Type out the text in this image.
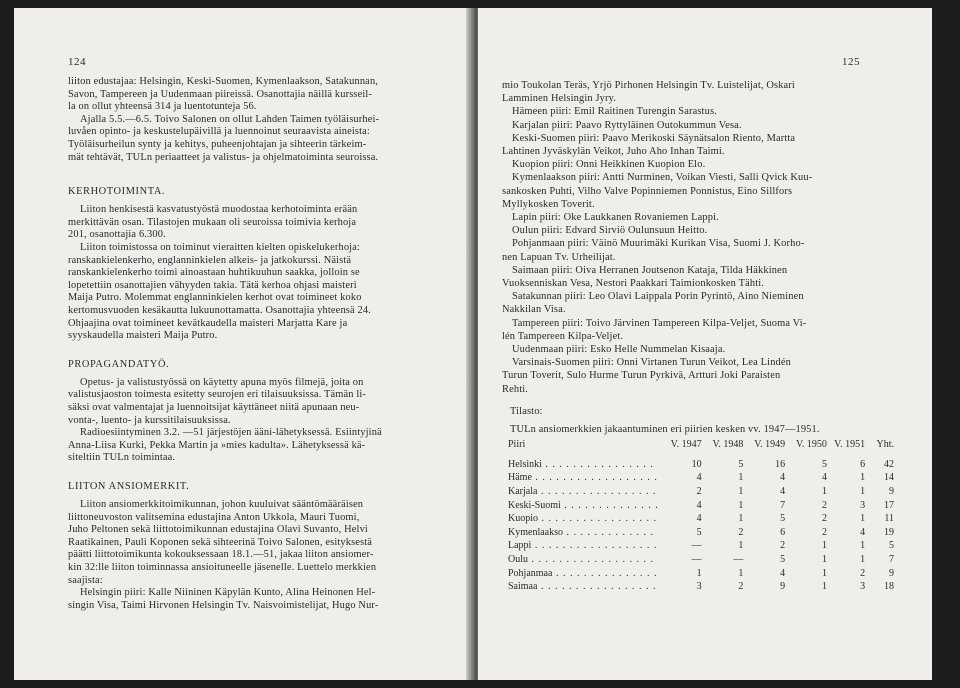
124
liiton edustajaa: Helsingin, Keski-Suomen, Kymenlaakson, Satakunnan,
Savon, Tampereen ja Uudenmaan piireissä. Osanottajia näillä kursseil-
la on ollut yhteensä 314 ja luentotunteja 56.
Ajalla 5.5.—6.5. Toivo Salonen on ollut Lahden Taimen työläisurhei-
luvåen opinto- ja keskustelupäivillä ja luennoinut seuraavista aineista:
Työläisurheilun synty ja kehitys, puheenjohtajan ja sihteerin tärkeim-
mät tehtävät, TULn periaatteet ja valistus- ja ohjelmatoiminta seuroissa.
KERHOTOIMINTA.
Liiton henkisestä kasvatustyöstä muodostaa kerhotoiminta erään
merkittävän osan. Tilastojen mukaan oli seuroissa toimivia kerhoja
201, osanottajia 6.300.
Liiton toimistossa on toiminut vieraitten kielten opiskelukerhoja:
ranskankielenkerho, englanninkielen alkeis- ja jatkokurssi. Näistä
ranskankielenkerho toimi ainoastaan huhtikuuhun saakka, jolloin se
lopetettiin osanottajien vähyyden takia. Tätä kerhoa ohjasi maisteri
Maija Putro. Molemmat englanninkielen kerhot ovat toimineet koko
kertomusvuoden kesäkautta lukuunottamatta. Osanottajia yhteensä 24.
Ohjaajina ovat toimineet kevätkaudella maisteri Marjatta Kare ja
syyskaudella maisteri Maija Putro.
PROPAGANDATYÖ.
Opetus- ja valistustyössä on käytetty apuna myös filmejä, joita on
valistusjaoston toimesta esitetty seurojen eri tilaisuuksissa. Tämän li-
säksi ovat valmentajat ja luennoitsijat käyttäneet niitä apunaan neu-
vonta-, luento- ja kurssitilaisuuksissa.
Radioesiintyminen 3.2. —51 järjestöjen ääni-lähetyksessä. Esiintyjinä
Anna-Liisa Kurki, Pekka Martin ja »mies kadulta». Lähetyksessä kä-
siteltiin TULn toimintaa.
LIITON ANSIOMERKIT.
Liiton ansiomerkkitoimikunnan, johon kuuluivat sääntömääräisen
liittoneuvoston valitsemina edustajina Anton Ukkola, Mauri Tuomi,
Juho Peltonen sekä liittotoimikunnan edustajina Olavi Suvanto, Helvi
Raatikainen, Pauli Koponen sekä sihteerinä Toivo Salonen, esityksestä
päätti liittotoimikunta kokouksessaan 18.1.—51, jakaa liiton ansiomer-
kin 32:lle liiton toiminnassa ansioituneelle jäsenelle. Luettelo merkkien
saajista:
Helsingin piiri: Kalle Niininen Käpylän Kunto, Alina Heinonen Hel-
singin Visa, Taimi Hirvonen Helsingin Tv. Naisvoimistelijat, Hugo Nur-
125
mio Toukolan Teräs, Yrjö Pirhonen Helsingin Tv. Luistelijat, Oskari
Lamminen Helsingin Jyry.
Hämeen piiri: Emil Raitinen Turengin Sarastus.
Karjalan piiri: Paavo Ryttyläinen Outokummun Vesa.
Keski-Suomen piiri: Paavo Merikoski Säynätsalon Riento, Martta
Lahtinen Jyväskylän Veikot, Juho Aho Inhan Taimi.
Kuopion piiri: Onni Heikkinen Kuopion Elo.
Kymenlaakson piiri: Antti Nurminen, Voikan Viesti, Salli Qvick Kuu-
sankosken Puhti, Vilho Valve Popinniemen Ponnistus, Eino Sillfors
Myllykosken Toverit.
Lapin piiri: Oke Laukkanen Rovaniemen Lappi.
Oulun piiri: Edvard Sirviö Oulunsuun Heitto.
Pohjanmaan piiri: Väinö Muurimäki Kurikan Visa, Suomi J. Korho-
nen Lapuan Tv. Urheilijat.
Saimaan piiri: Oiva Herranen Joutsenon Kataja, Tilda Häkkinen
Vuoksenniskan Vesa, Nestori Paakkari Taimionkosken Tähti.
Satakunnan piiri: Leo Olavi Laippala Porin Pyrintö, Aino Nieminen
Nakkilan Visa.
Tampereen piiri: Toivo Järvinen Tampereen Kilpa-Veljet, Suoma Vi-
lén Tampereen Kilpa-Veljet.
Uudenmaan piiri: Esko Helle Nummelan Kisaaja.
Varsinais-Suomen piiri: Onni Virtanen Turun Veikot, Lea Lindén
Turun Toverit, Sulo Hurme Turun Pyrkivä, Artturi Joki Paraisten
Rehti.
Tilasto:
TULn ansiomerkkien jakaantuminen eri piirien kesken vv. 1947—1951.
Piiri	V. 1947	V. 1948	V. 1949	V. 1950	V. 1951	Yht.

Helsinki . . .	10	5	16	5	6	42

Häme . . .	4	1	4	4	1	14

Karjala . . .	2	1	4	1	1	9

Keski-Suomi . . .	4	1	7	2	3	17

Kuopio . . .	4	1	5	2	1	11

Kymenlaakso . . .	5	2	6	2	4	19

Lappi . . .	—	1	2	1	1	5

Oulu . . .	—	—	5	1	1	7

Pohjanmaa . . .	1	1	4	1	2	9

Saimaa . . .	3	2	9	1	3	18
